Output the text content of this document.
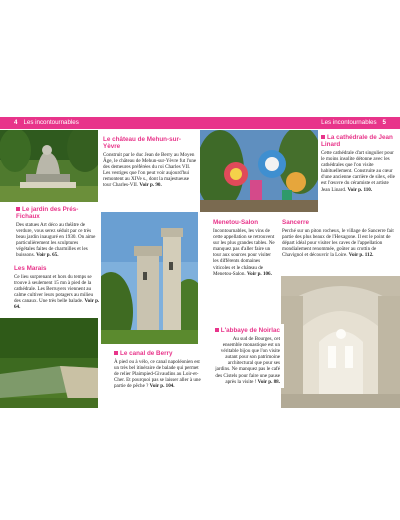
4 Les incontournables	Les incontournables 5
Le jardin des Prés-Fichaux
Des statues Art déco au théâtre de verdure, vous serez séduit par ce très beau jardin inauguré en 1930. On aime particulièrement les sculptures végétales faites de charmilles et les buissons. Voir p. 65.
Les Marais
Ce lieu surprenant et hors du temps se trouve à seulement 15 mn à pied de la cathédrale. Les Berruyers viennent au calme cultiver leurs potagers au milieu des canaux. Une très belle balade. Voir p. 64.
Le château de Mehun-sur-Yèvre
Construit par le duc Jean de Berry au Moyen Âge, le château de Mehun-sur-Yèvre fut l'une des demeures préférées du roi Charles VII. Les vestiges que l'on peut voir aujourd'hui remontent au XIVe s., dont la majestueuse tour Charles-VII. Voir p. 90.
Le canal de Berry
À pied ou à vélo, ce canal napoléonien est un très bel itinéraire de balade qui permet de relier Plaimpied-Givaudins au Loir-et-Cher. Et pourquoi pas se laisser aller à une partie de pêche ? Voir p. 104.
Menetou-Salon
Incontournables, les vins de cette appellation se retrouvent sur les plus grandes tables. Ne manquez pas d'aller faire un tour aux sources pour visiter les différents domaines viticoles et le château de Menetou-Salon. Voir p. 106.
Sancerre
Perché sur un piton rocheux, le village de Sancerre fait partie des plus beaux de l'Hexagone. Il est le point de départ idéal pour visiter les caves de l'appellation mondialement renommée, goûter au crottin de Chavignol et découvrir la Loire. Voir p. 112.
La cathédrale de Jean Linard
Cette cathédrale d'art singulier pour le moins insolite détonne avec les cathédrales que l'on visite habituellement. Construite au cœur d'une ancienne carrière de silex, elle est l'œuvre du céramiste et artiste Jean Linard. Voir p. 110.
L'abbaye de Noirlac
Au sud de Bourges, cet ensemble monastique est un véritable bijou que l'on visite autant pour son patrimoine architectural que pour ses jardins. Ne manquez pas le café des Cistels pour faire une pause après la visite ! Voir p. 88.
